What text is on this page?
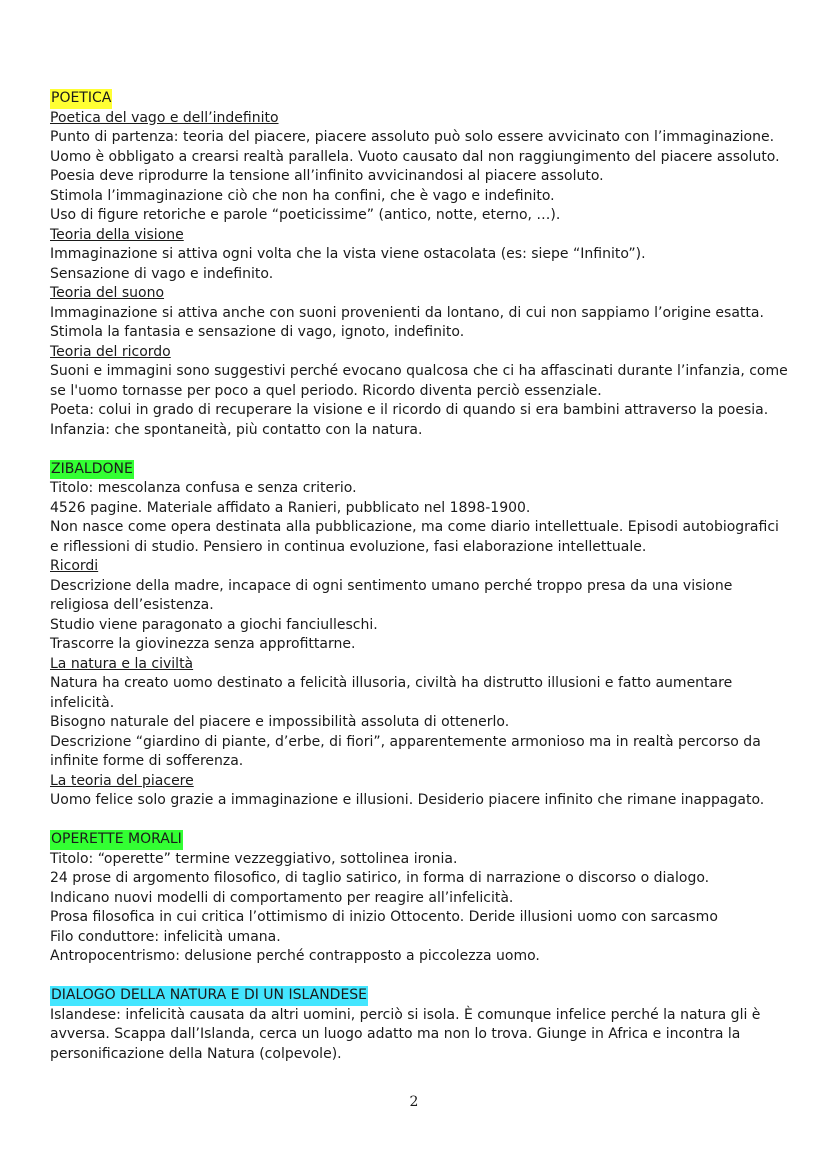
POETICA

Poetica del vago e dell’indefinito

Punto di partenza: teoria del piacere, piacere assoluto può solo essere avvicinato con l’immaginazione.

Uomo è obbligato a crearsi realtà parallela. Vuoto causato dal non raggiungimento del piacere assoluto. Poesia deve riprodurre la tensione all’infinito avvicinandosi al piacere assoluto.

Stimola l’immaginazione ciò che non ha confini, che è vago e indefinito.

Uso di figure retoriche e parole “poeticissime” (antico, notte, eterno, …).

Teoria della visione

Immaginazione si attiva ogni volta che la vista viene ostacolata (es: siepe “Infinito”).

Sensazione di vago e indefinito.

Teoria del suono

Immaginazione si attiva anche con suoni provenienti da lontano, di cui non sappiamo l’origine esatta.

Stimola la fantasia e sensazione di vago, ignoto, indefinito.

Teoria del ricordo

Suoni e immagini sono suggestivi perché evocano qualcosa che ci ha affascinati durante l’infanzia, come se l'uomo tornasse per poco a quel periodo. Ricordo diventa perciò essenziale.

Poeta: colui in grado di recuperare la visione e il ricordo di quando si era bambini attraverso la poesia.

Infanzia: che spontaneità, più contatto con la natura.

ZIBALDONE

Titolo: mescolanza confusa e senza criterio.

4526 pagine. Materiale affidato a Ranieri, pubblicato nel 1898-1900.

Non nasce come opera destinata alla pubblicazione, ma come diario intellettuale. Episodi autobiografici e riflessioni di studio. Pensiero in continua evoluzione, fasi elaborazione intellettuale.

Ricordi

Descrizione della madre, incapace di ogni sentimento umano perché troppo presa da una visione religiosa dell’esistenza.

Studio viene paragonato a giochi fanciulleschi.

Trascorre la giovinezza senza approfittarne.

La natura e la civiltà

Natura ha creato uomo destinato a felicità illusoria, civiltà ha distrutto illusioni e fatto aumentare infelicità.

Bisogno naturale del piacere e impossibilità assoluta di ottenerlo.

Descrizione “giardino di piante, d’erbe, di fiori”, apparentemente armonioso ma in realtà percorso da infinite forme di sofferenza.

La teoria del piacere

Uomo felice solo grazie a immaginazione e illusioni. Desiderio piacere infinito che rimane inappagato.

OPERETTE MORALI

Titolo: “operette” termine vezzeggiativo, sottolinea ironia.

24 prose di argomento filosofico, di taglio satirico, in forma di narrazione o discorso o dialogo.

Indicano nuovi modelli di comportamento per reagire all’infelicità.

Prosa filosofica in cui critica l’ottimismo di inizio Ottocento. Deride illusioni uomo con sarcasmo

Filo conduttore: infelicità umana.

Antropocentrismo: delusione perché contrapposto a piccolezza uomo.

DIALOGO DELLA NATURA E DI UN ISLANDESE

Islandese: infelicità causata da altri uomini, perciò si isola. È comunque infelice perché la natura gli è avversa. Scappa dall’Islanda, cerca un luogo adatto ma non lo trova. Giunge in Africa e incontra la personificazione della Natura (colpevole).

2
